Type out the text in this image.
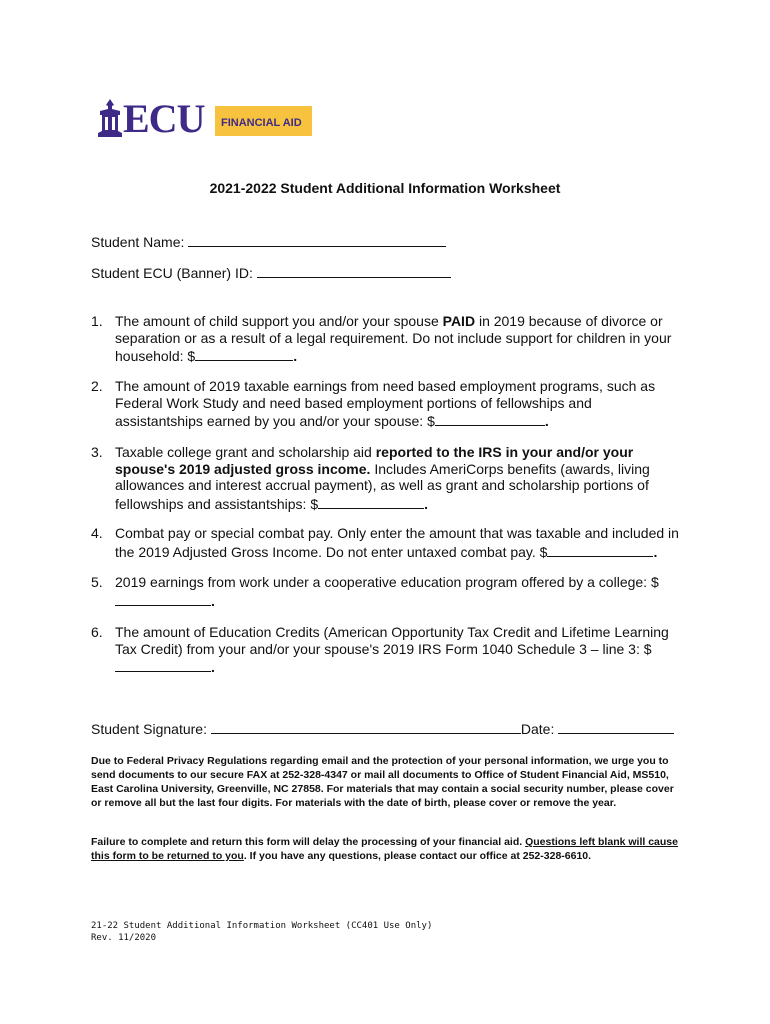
ECU FINANCIAL AID
2021-2022 Student Additional Information Worksheet
Student Name:
Student ECU (Banner) ID:
1. The amount of child support you and/or your spouse PAID in 2019 because of divorce or separation or as a result of a legal requirement. Do not include support for children in your household: $	.
2. The amount of 2019 taxable earnings from need based employment programs, such as Federal Work Study and need based employment portions of fellowships and assistantships earned by you and/or your spouse: $	.
3. Taxable college grant and scholarship aid reported to the IRS in your and/or your spouse's 2019 adjusted gross income. Includes AmeriCorps benefits (awards, living allowances and interest accrual payment), as well as grant and scholarship portions of fellowships and assistantships: $	.
4. Combat pay or special combat pay. Only enter the amount that was taxable and included in the 2019 Adjusted Gross Income. Do not enter untaxed combat pay. $	.
5. 2019 earnings from work under a cooperative education program offered by a college: $.
6. The amount of Education Credits (American Opportunity Tax Credit and Lifetime Learning Tax Credit) from your and/or your spouse's 2019 IRS Form 1040 Schedule 3 – line 3: $.
Student Signature:	Date:
Due to Federal Privacy Regulations regarding email and the protection of your personal information, we urge you to send documents to our secure FAX at 252-328-4347 or mail all documents to Office of Student Financial Aid, MS510, East Carolina University, Greenville, NC 27858. For materials that may contain a social security number, please cover or remove all but the last four digits. For materials with the date of birth, please cover or remove the year.
Failure to complete and return this form will delay the processing of your financial aid. Questions left blank will cause this form to be returned to you. If you have any questions, please contact our office at 252-328-6610.
21-22 Student Additional Information Worksheet (CC401 Use Only)
Rev. 11/2020
